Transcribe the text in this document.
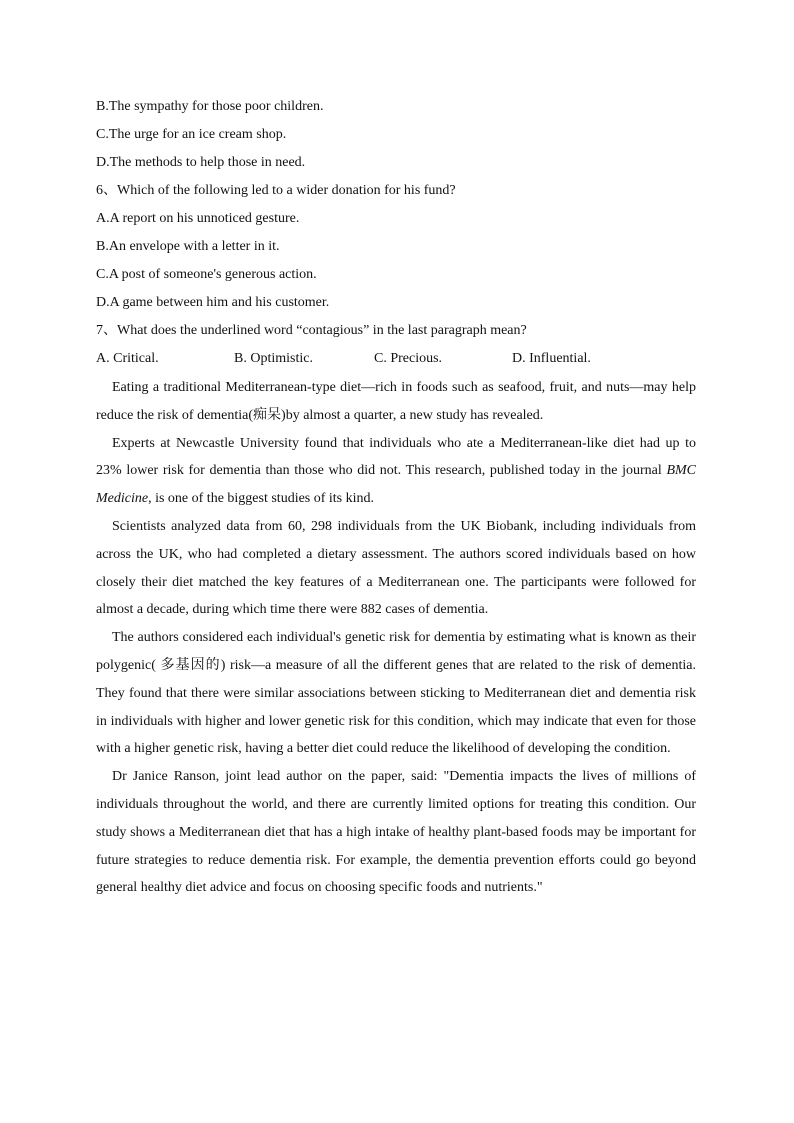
B.The sympathy for those poor children.

C.The urge for an ice cream shop.

D.The methods to help those in need.

6、Which of the following led to a wider donation for his fund?

A.A report on his unnoticed gesture.

B.An envelope with a letter in it.

C.A post of someone's generous action.

D.A game between him and his customer.

7、What does the underlined word “contagious” in the last paragraph mean?

A. Critical.	B. Optimistic.	C. Precious.	D. Influential.

Eating a traditional Mediterranean-type diet—rich in foods such as seafood, fruit, and nuts—may help reduce the risk of dementia(痴呆)by almost a quarter, a new study has revealed.

Experts at Newcastle University found that individuals who ate a Mediterranean-like diet had up to 23% lower risk for dementia than those who did not. This research, published today in the journal BMC Medicine, is one of the biggest studies of its kind.

Scientists analyzed data from 60, 298 individuals from the UK Biobank, including individuals from across the UK, who had completed a dietary assessment. The authors scored individuals based on how closely their diet matched the key features of a Mediterranean one. The participants were followed for almost a decade, during which time there were 882 cases of dementia.

The authors considered each individual's genetic risk for dementia by estimating what is known as their polygenic( 多基因的) risk—a measure of all the different genes that are related to the risk of dementia. They found that there were similar associations between sticking to Mediterranean diet and dementia risk in individuals with higher and lower genetic risk for this condition, which may indicate that even for those with a higher genetic risk, having a better diet could reduce the likelihood of developing the condition.

Dr Janice Ranson, joint lead author on the paper, said: "Dementia impacts the lives of millions of individuals throughout the world, and there are currently limited options for treating this condition. Our study shows a Mediterranean diet that has a high intake of healthy plant-based foods may be important for future strategies to reduce dementia risk. For example, the dementia prevention efforts could go beyond general healthy diet advice and focus on choosing specific foods and nutrients."
